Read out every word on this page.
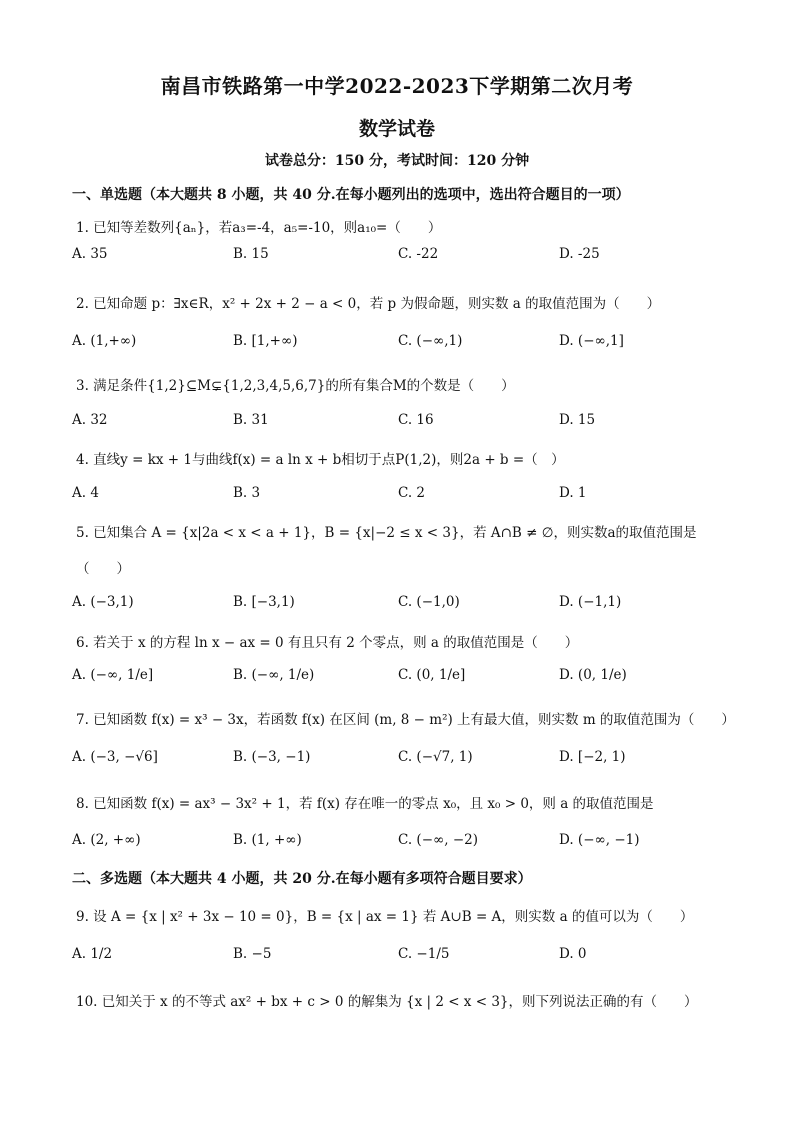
南昌市铁路第一中学2022-2023下学期第二次月考
数学试卷
试卷总分：150 分，考试时间：120 分钟
一、单选题（本大题共 8 小题，共 40 分.在每小题列出的选项中，选出符合题目的一项）
1. 已知等差数列{aₙ}，若a₃=-4，a₅=-10，则a₁₀=（　　）
A. 35	B. 15	C. -22	D. -25
2. 已知命题 p：∃x∈R，x² + 2x + 2 − a < 0，若 p 为假命题，则实数 a 的取值范围为（　　）
A. (1,+∞)	B. [1,+∞)	C. (−∞,1)	D. (−∞,1]
3. 满足条件{1,2}⊆M⊊{1,2,3,4,5,6,7}的所有集合M的个数是（　　）
A. 32	B. 31	C. 16	D. 15
4. 直线y = kx + 1与曲线f(x) = a ln x + b相切于点P(1,2)，则2a + b =（　）
A. 4	B. 3	C. 2	D. 1
5. 已知集合 A = {x|2a < x < a + 1}，B = {x|−2 ≤ x < 3}，若 A∩B ≠ ∅，则实数a的取值范围是
（　　）
A. (−3,1)	B. [−3,1)	C. (−1,0)	D. (−1,1)
6. 若关于 x 的方程 ln x − ax = 0 有且只有 2 个零点，则 a 的取值范围是（　　）
A. (−∞, 1/e]	B. (−∞, 1/e)	C. (0, 1/e]	D. (0, 1/e)
7. 已知函数 f(x) = x³ − 3x，若函数 f(x) 在区间 (m, 8 − m²) 上有最大值，则实数 m 的取值范围为（　　）
A. (−3, −√6]	B. (−3, −1)	C. (−√7, 1)	D. [−2, 1)
8. 已知函数 f(x) = ax³ − 3x² + 1，若 f(x) 存在唯一的零点 x₀，且 x₀ > 0，则 a 的取值范围是
A. (2, +∞)	B. (1, +∞)	C. (−∞, −2)	D. (−∞, −1)
二、多选题（本大题共 4 小题，共 20 分.在每小题有多项符合题目要求）
9. 设 A = {x | x² + 3x − 10 = 0}，B = {x | ax = 1} 若 A∪B = A，则实数 a 的值可以为（　　）
A. 1/2	B. −5	C. −1/5	D. 0
10. 已知关于 x 的不等式 ax² + bx + c > 0 的解集为 {x | 2 < x < 3}，则下列说法正确的有（　　）
